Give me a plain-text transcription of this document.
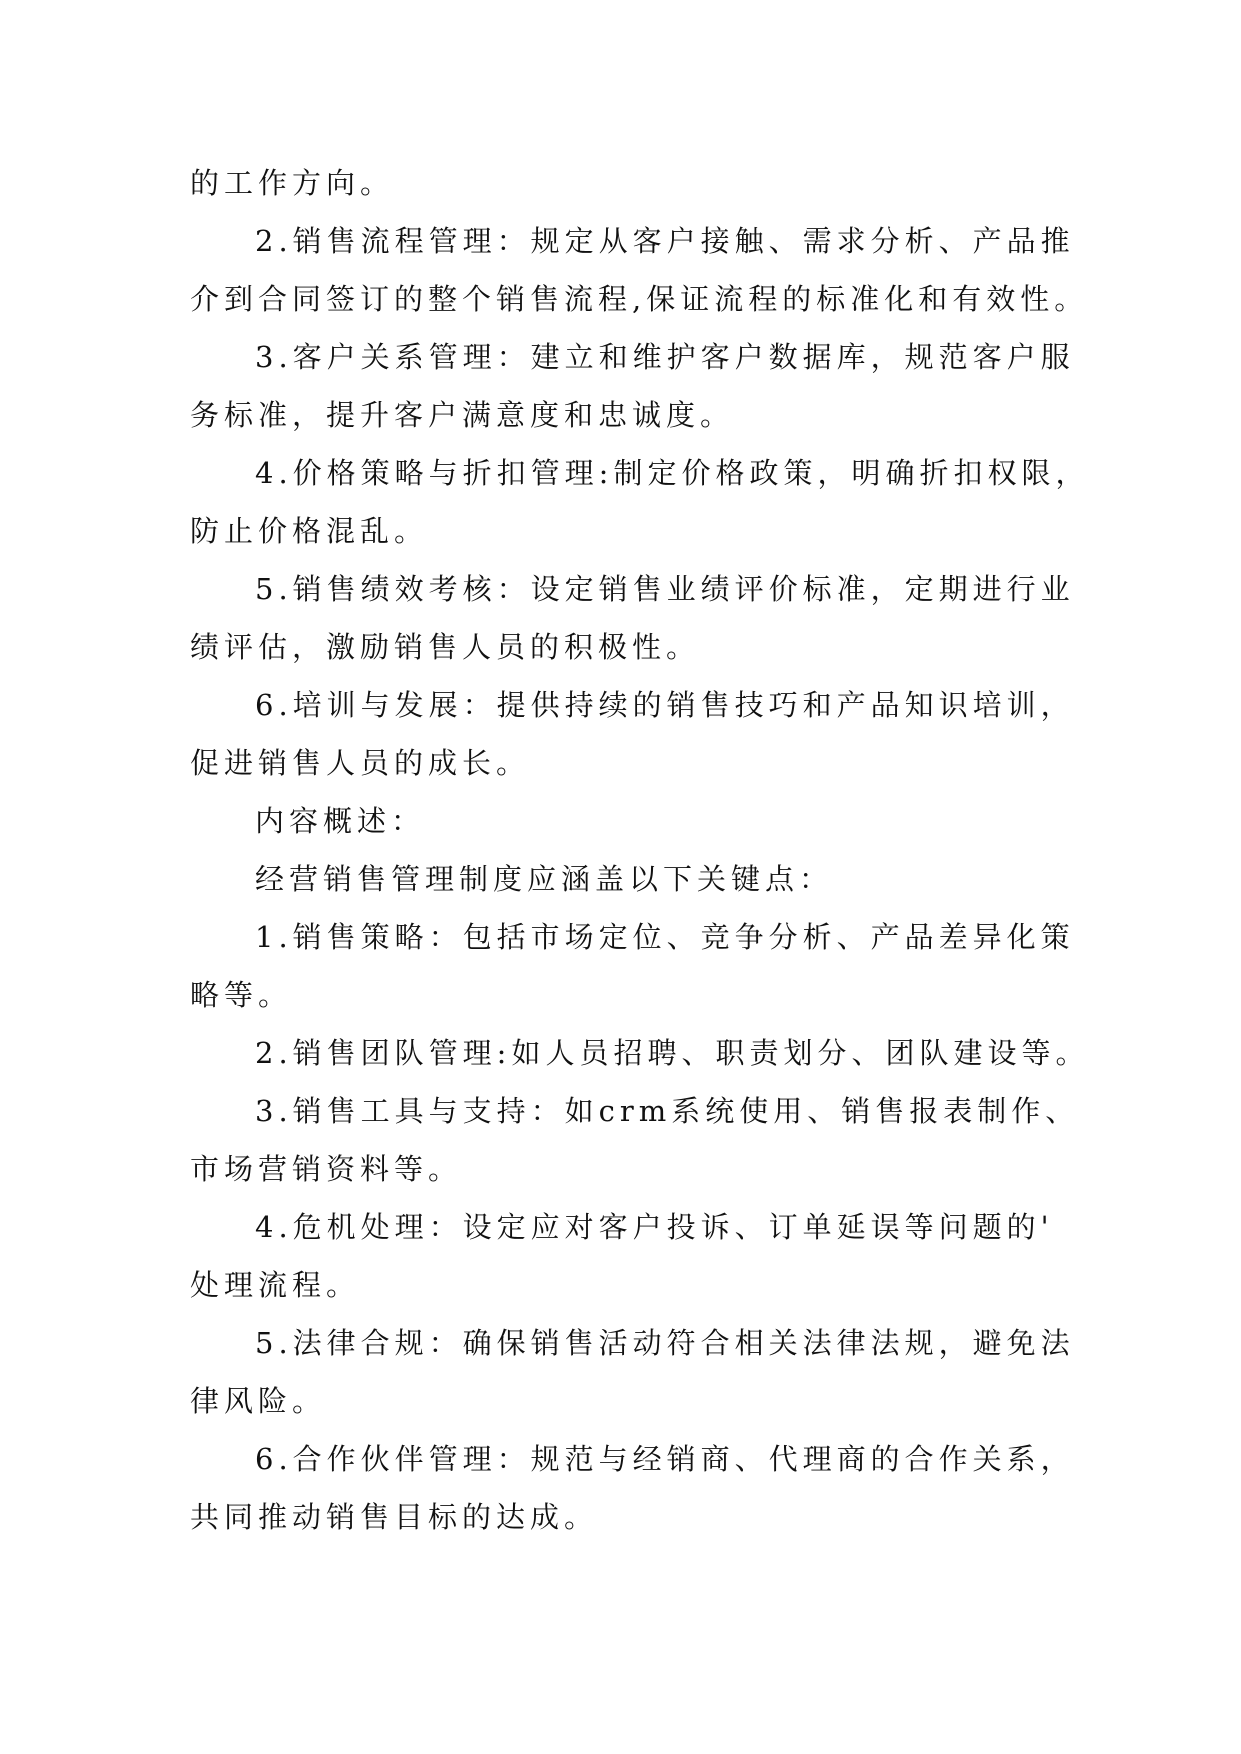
的工作方向。
2.销售流程管理：规定从客户接触、需求分析、产品推
介到合同签订的整个销售流程,保证流程的标准化和有效性。
3.客户关系管理：建立和维护客户数据库，规范客户服
务标准，提升客户满意度和忠诚度。
4.价格策略与折扣管理:制定价格政策，明确折扣权限，
防止价格混乱。
5.销售绩效考核：设定销售业绩评价标准，定期进行业
绩评估，激励销售人员的积极性。
6.培训与发展：提供持续的销售技巧和产品知识培训，
促进销售人员的成长。
内容概述：
经营销售管理制度应涵盖以下关键点：
1.销售策略：包括市场定位、竞争分析、产品差异化策
略等。
2.销售团队管理:如人员招聘、职责划分、团队建设等。
3.销售工具与支持：如crm系统使用、销售报表制作、
市场营销资料等。
4.危机处理：设定应对客户投诉、订单延误等问题的'
处理流程。
5.法律合规：确保销售活动符合相关法律法规，避免法
律风险。
6.合作伙伴管理：规范与经销商、代理商的合作关系，
共同推动销售目标的达成。
